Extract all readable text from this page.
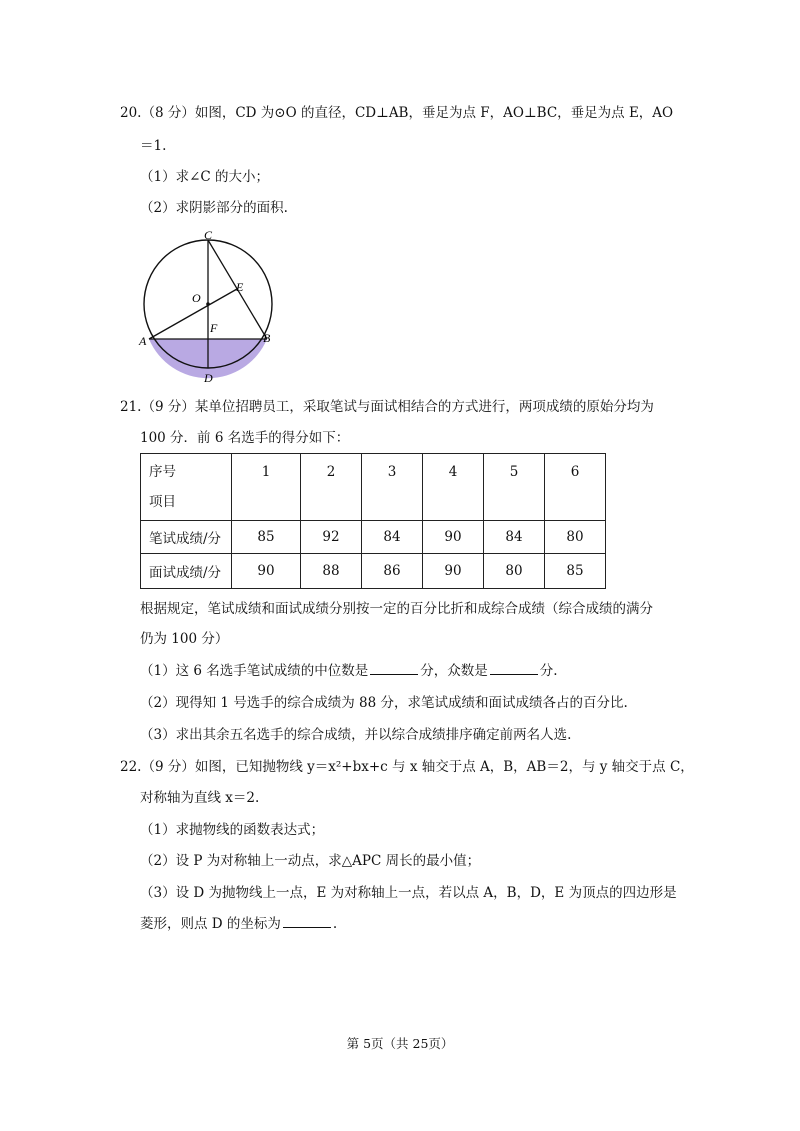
20.（8 分）如图，CD 为⊙O 的直径，CD⊥AB，垂足为点 F，AO⊥BC，垂足为点 E，AO
＝1.
（1）求∠C 的大小；
（2）求阴影部分的面积.
C
O
E
F
A	B
D
21.（9 分）某单位招聘员工，采取笔试与面试相结合的方式进行，两项成绩的原始分均为
100 分．前 6 名选手的得分如下：
序号
项目	1	2	3	4	5	6
笔试成绩/分	85	92	84	90	84	80
面试成绩/分	90	88	86	90	80	85
根据规定，笔试成绩和面试成绩分别按一定的百分比折和成综合成绩（综合成绩的满分
仍为 100 分）
（1）这 6 名选手笔试成绩的中位数是	分，众数是	分.
（2）现得知 1 号选手的综合成绩为 88 分，求笔试成绩和面试成绩各占的百分比.
（3）求出其余五名选手的综合成绩，并以综合成绩排序确定前两名人选.
22.（9 分）如图，已知抛物线 y＝x²+bx+c 与 x 轴交于点 A，B，AB＝2，与 y 轴交于点 C，
对称轴为直线 x＝2.
（1）求抛物线的函数表达式；
（2）设 P 为对称轴上一动点，求△APC 周长的最小值；
（3）设 D 为抛物线上一点，E 为对称轴上一点，若以点 A，B，D，E 为顶点的四边形是
菱形，则点 D 的坐标为	.
第 5页（共 25页）
